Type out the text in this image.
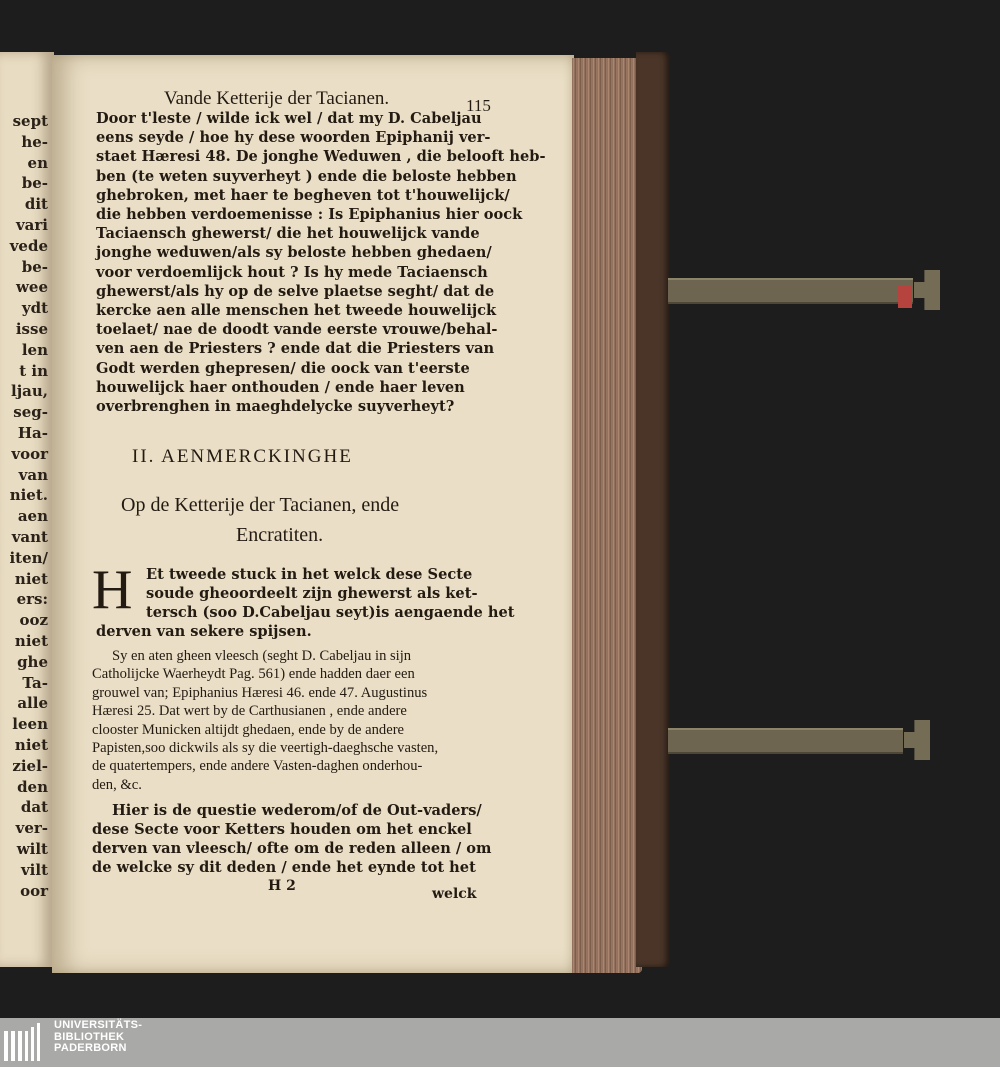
sept
he-
en
be-
dit
vari
vede
be-
wee
ydt
isse
len
t in
ljau,
seg-
Ha-
voor
van
niet.
aen
vant
iten/
niet
ers:
ooz
niet
ghe
Ta-
alle
leen
niet
ziel-
den
dat
ver-
wilt
vilt
oor
Vande Ketterije der Tacianen.	115
Door t'leste / wilde ick wel / dat my D. Cabeljau
eens seyde / hoe hy dese woorden Epiphanij ver-
staet Hæresi 48. De jonghe Weduwen , die belooft heb-
ben (te weten suyverheyt ) ende die beloste hebben
ghebroken, met haer te begheven tot t'houwelijck/
die hebben verdoemenisse : Is Epiphanius hier oock
Taciaensch ghewerst/ die het houwelijck vande
jonghe weduwen/als sy beloste hebben ghedaen/
voor verdoemlijck hout ? Is hy mede Taciaensch
ghewerst/als hy op de selve plaetse seght/ dat de
kercke aen alle menschen het tweede houwelijck
toelaet/ nae de doodt vande eerste vrouwe/behal-
ven aen de Priesters ? ende dat die Priesters van
Godt werden ghepresen/ die oock van t'eerste
houwelijck haer onthouden / ende haer leven
overbrenghen in maeghdelycke suyverheyt?
II. AENMERCKINGHE
Op de Ketterije der Tacianen, ende
Encratiten.
H Et tweede stuck in het welck dese Secte
soude gheoordeelt zijn ghewerst als ket-
tersch (soo D.Cabeljau seyt)is aengaende het
derven van sekere spijsen.
Sy en aten gheen vleesch (seght D. Cabeljau in sijn
Catholijcke Waerheydt Pag. 561) ende hadden daer een
grouwel van; Epiphanius Hæresi 46. ende 47. Augustinus
Hæresi 25. Dat wert by de Carthusianen , ende andere
clooster Municken altijdt ghedaen, ende by de andere
Papisten,soo dickwils als sy die veertigh-daeghsche vasten,
de quatertempers, ende andere Vasten-daghen onderhou-
den, &c.
Hier is de questie wederom/of de Out-vaders/
dese Secte voor Ketters houden om het enckel
derven van vleesch/ ofte om de reden alleen / om
de welcke sy dit deden / ende het eynde tot het
H 2	welck
UNIVERSITÄTS-
BIBLIOTHEK
PADERBORN
